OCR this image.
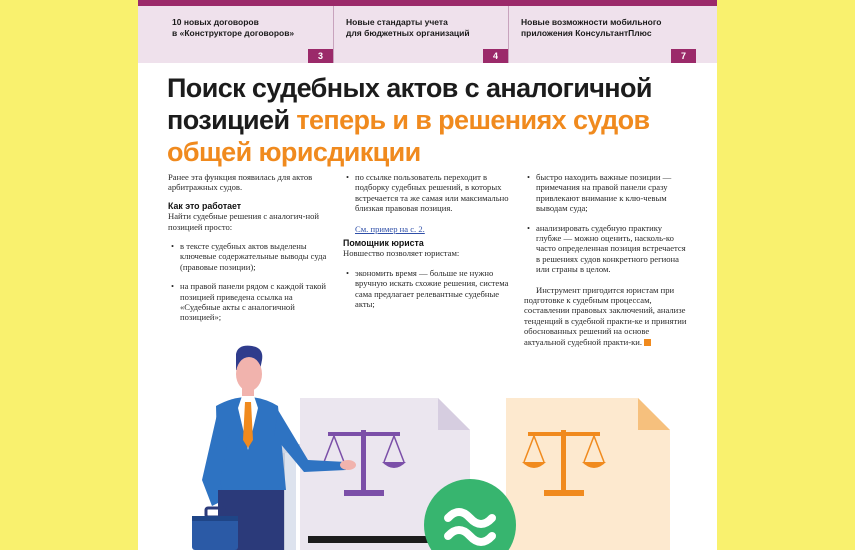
10 новых договоров
в «Конструкторе договоров»
3
Новые стандарты учета
для бюджетных организаций
4
Новые возможности мобильного
приложения КонсультантПлюс
7
Поиск судебных актов с аналогичной
позицией теперь и в решениях судов
общей юрисдикции

Ранее эта функция появилась для актов арбитражных судов.

Как это работает

Найти судебные решения с аналогич-ной позицией просто:

• в тексте судебных актов выделены ключевые содержательные выводы суда (правовые позиции);

• на правой панели рядом с каждой такой позицией приведена ссылка на «Судебные акты с аналогичной позицией»;

• по ссылке пользователь переходит в подборку судебных решений, в которых встречается та же самая или максимально близкая правовая позиция.

См. пример на с. 2.

Помощник юриста

Новшество позволяет юристам:

• экономить время — больше не нужно вручную искать схожие решения, система сама предлагает релевантные судебные акты;

• быстро находить важные позиции — примечания на правой панели сразу привлекают внимание к клю-чевым выводам суда;

• анализировать судебную практику глубже — можно оценить, насколь-ко часто определенная позиция встречается в решениях судов конкретного региона или страны в целом.

Инструмент пригодится юристам при подготовке к судебным процессам, составлении правовых заключений, анализе тенденций в судебной практи-ке и принятии обоснованных решений на основе актуальной судебной практи-ки.
